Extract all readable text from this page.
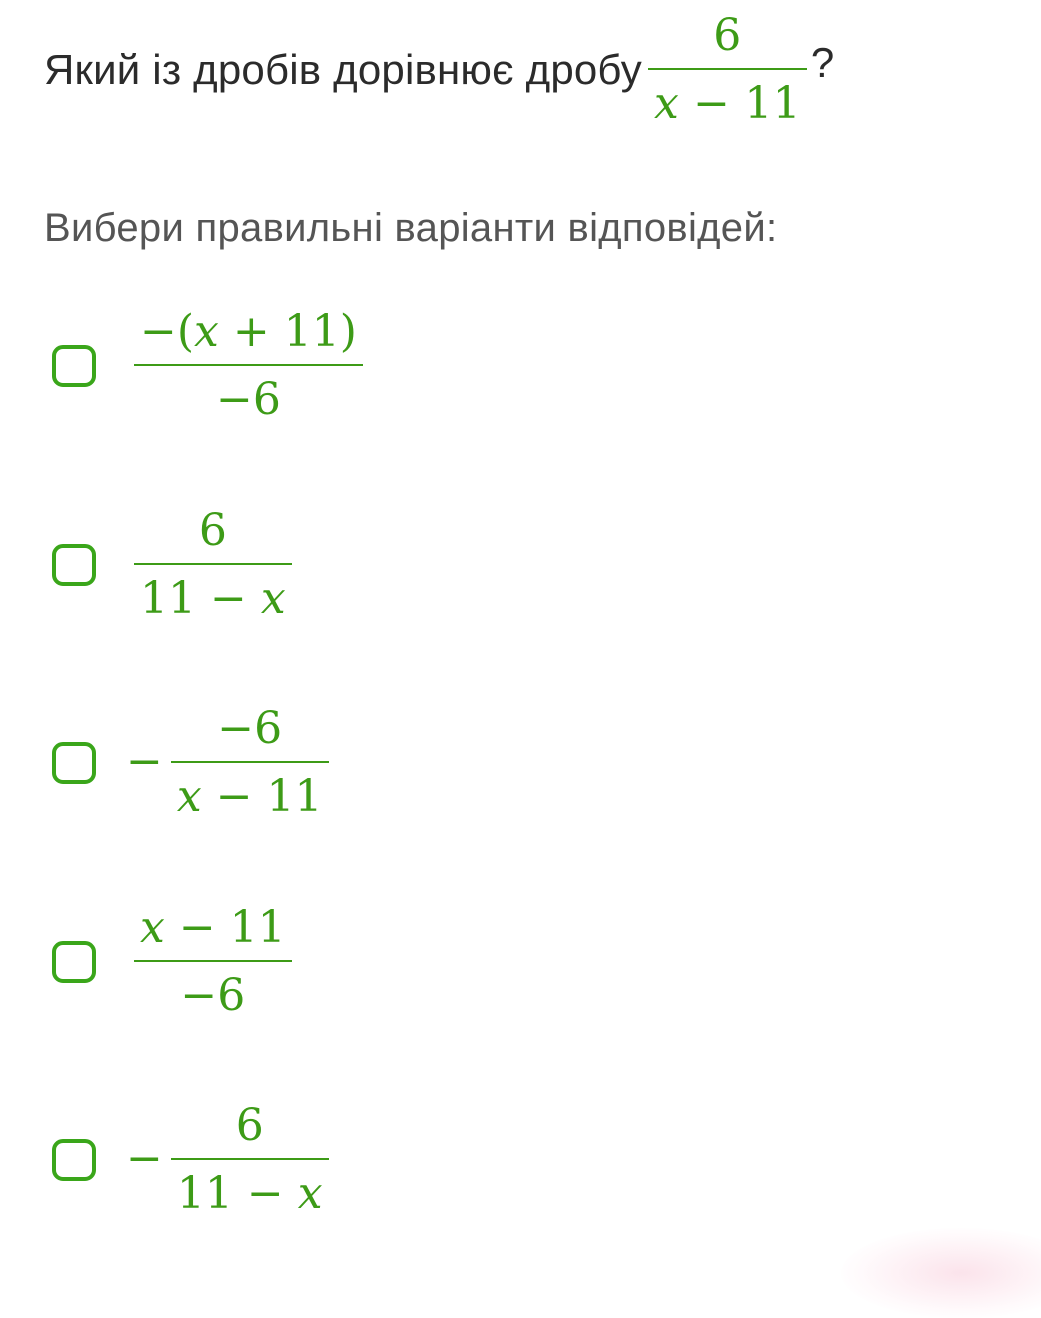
Який із дробів дорівнює дробу $\frac{6}{x - 11}$ ?
Вибери правильні варіанти відповідей:
$\frac{-(x + 11)}{-6}$
$\frac{6}{11 - x}$
− $\frac{-6}{x - 11}$
$\frac{x - 11}{-6}$
− $\frac{6}{11 - x}$
